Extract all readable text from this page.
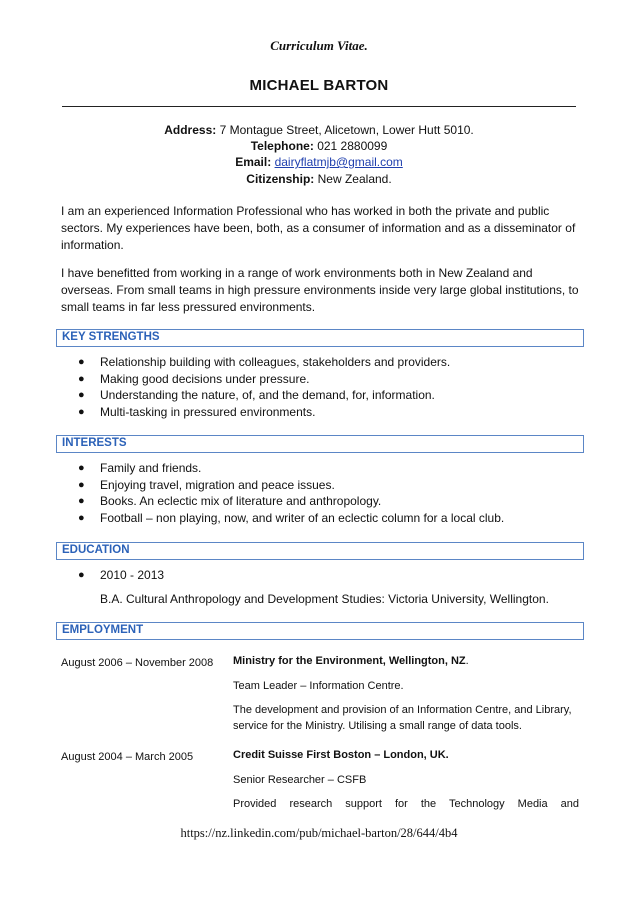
Curriculum Vitae.
MICHAEL BARTON
Address: 7 Montague Street, Alicetown, Lower Hutt 5010.
Telephone: 021 2880099
Email: dairyflatmjb@gmail.com
Citizenship: New Zealand.
I am an experienced Information Professional who has worked in both the private and public sectors. My experiences have been, both, as a consumer of information and as a disseminator of information.
I have benefitted from working in a range of work environments both in New Zealand and overseas. From small teams in high pressure environments inside very large global institutions, to small teams in far less pressured environments.
KEY STRENGTHS
● Relationship building with colleagues, stakeholders and providers.
● Making good decisions under pressure.
● Understanding the nature, of, and the demand, for, information.
● Multi-tasking in pressured environments.
INTERESTS
● Family and friends.
● Enjoying travel, migration and peace issues.
● Books. An eclectic mix of literature and anthropology.
● Football – non playing, now, and writer of an eclectic column for a local club.
EDUCATION
● 2010 - 2013
B.A. Cultural Anthropology and Development Studies: Victoria University, Wellington.
EMPLOYMENT
August 2006 – November 2008 Ministry for the Environment, Wellington, NZ.
Team Leader – Information Centre.
The development and provision of an Information Centre, and Library, service for the Ministry. Utilising a small range of data tools.
August 2004 – March 2005	Credit Suisse First Boston – London, UK.
Senior Researcher – CSFB
Provided research support for the Technology Media and
https://nz.linkedin.com/pub/michael-barton/28/644/4b4
